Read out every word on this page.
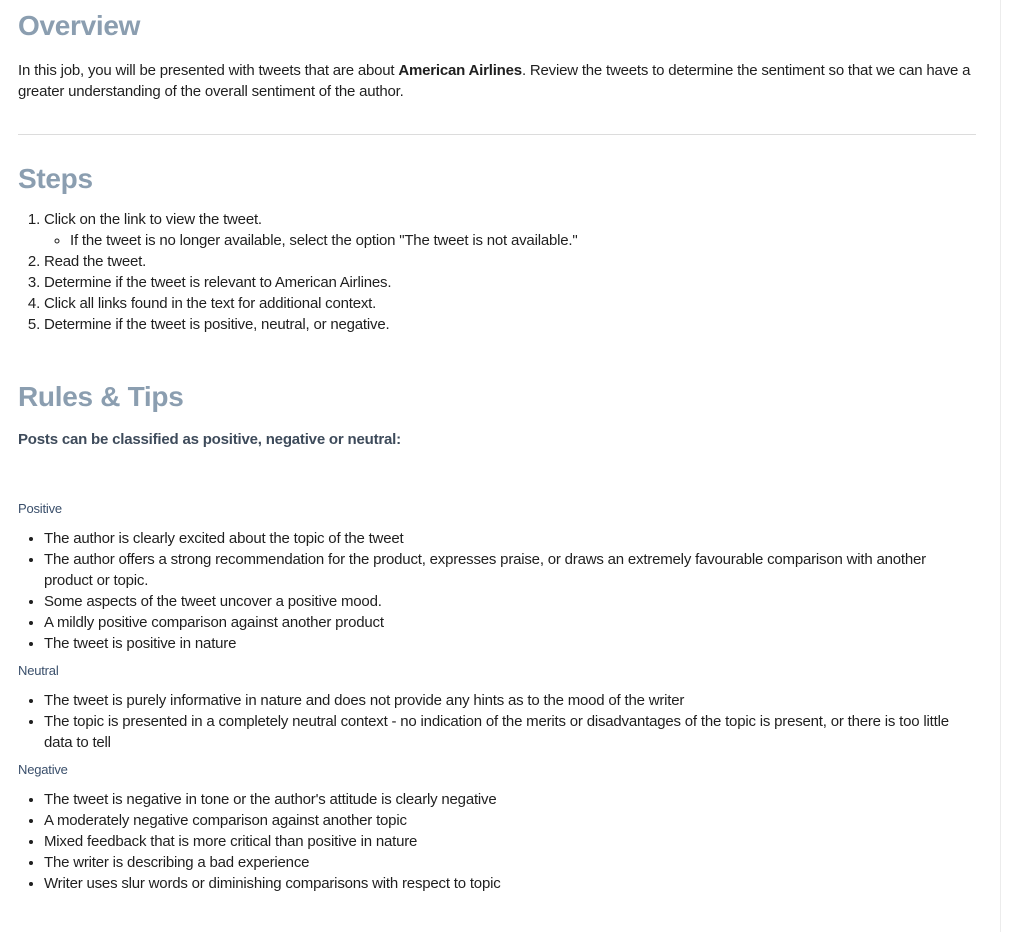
Overview

In this job, you will be presented with tweets that are about American Airlines. Review the tweets to determine the sentiment so that we can have a greater understanding of the overall sentiment of the author.

Steps
1. Click on the link to view the tweet.
◦ If the tweet is no longer available, select the option "The tweet is not available."
2. Read the tweet.
3. Determine if the tweet is relevant to American Airlines.
4. Click all links found in the text for additional context.
5. Determine if the tweet is positive, neutral, or negative.
Rules & Tips

Posts can be classified as positive, negative or neutral:

Positive

• The author is clearly excited about the topic of the tweet
• The author offers a strong recommendation for the product, expresses praise, or draws an extremely favourable comparison with another product or topic.
• Some aspects of the tweet uncover a positive mood.
• A mildly positive comparison against another product
• The tweet is positive in nature

Neutral

• The tweet is purely informative in nature and does not provide any hints as to the mood of the writer
• The topic is presented in a completely neutral context - no indication of the merits or disadvantages of the topic is present, or there is too little data to tell

Negative

• The tweet is negative in tone or the author's attitude is clearly negative
• A moderately negative comparison against another topic
• Mixed feedback that is more critical than positive in nature
• The writer is describing a bad experience
• Writer uses slur words or diminishing comparisons with respect to topic
